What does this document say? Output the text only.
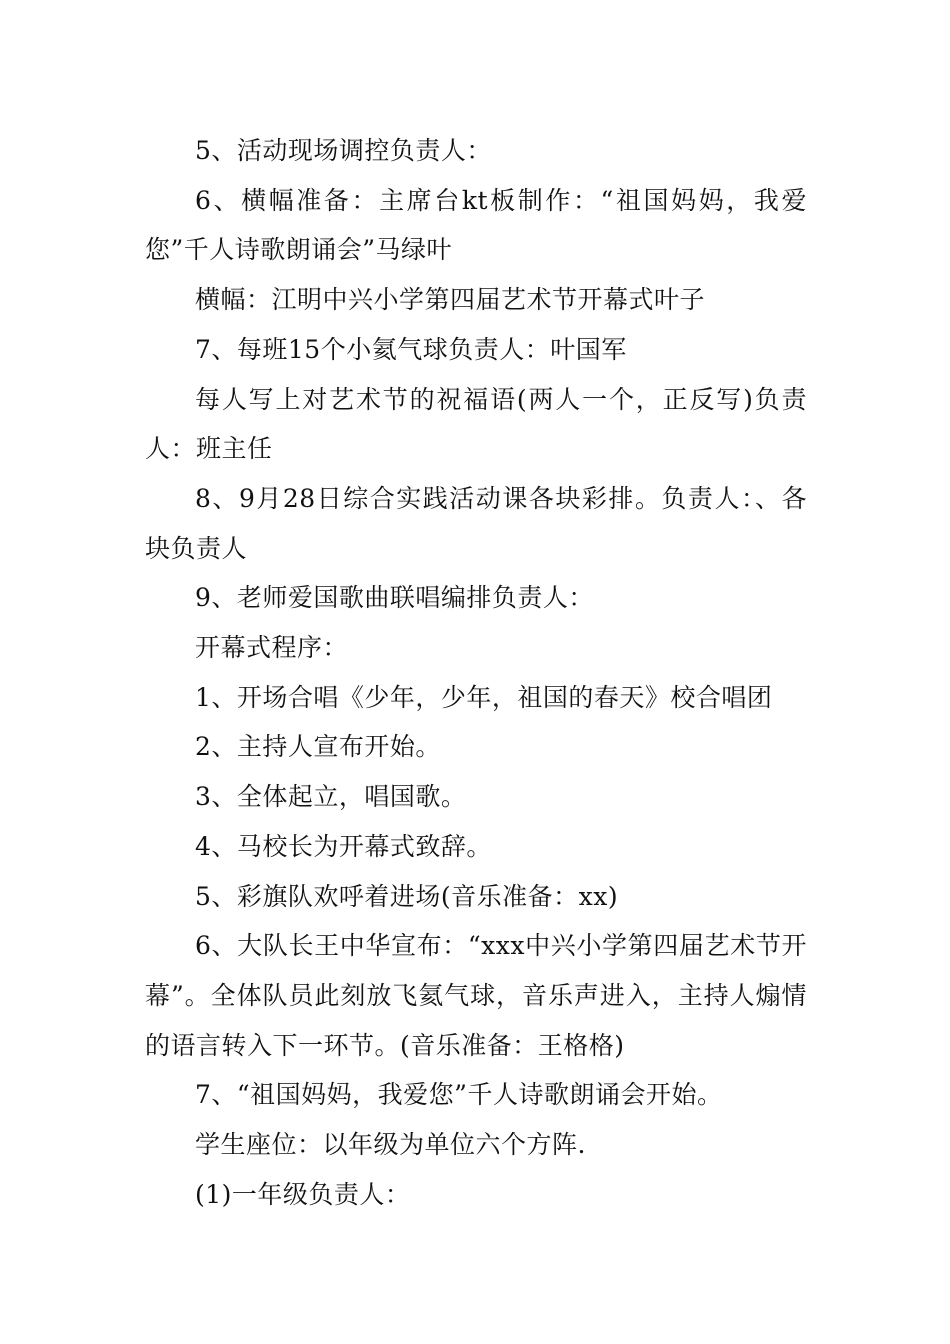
5、活动现场调控负责人：

6、横幅准备：主席台kt板制作：“祖国妈妈，我爱您”千人诗歌朗诵会”马绿叶

横幅：江明中兴小学第四届艺术节开幕式叶子

7、每班15个小氦气球负责人：叶国军

每人写上对艺术节的祝福语(两人一个，正反写)负责人：班主任

8、9月28日综合实践活动课各块彩排。负责人：、各块负责人

9、老师爱国歌曲联唱编排负责人：

开幕式程序：

1、开场合唱《少年，少年，祖国的春天》校合唱团

2、主持人宣布开始。

3、全体起立，唱国歌。

4、马校长为开幕式致辞。

5、彩旗队欢呼着进场(音乐准备：xx)

6、大队长王中华宣布：“xxx中兴小学第四届艺术节开幕”。全体队员此刻放飞氦气球，音乐声进入，主持人煽情的语言转入下一环节。(音乐准备：王格格)

7、“祖国妈妈，我爱您”千人诗歌朗诵会开始。

学生座位：以年级为单位六个方阵.

(1)一年级负责人：
